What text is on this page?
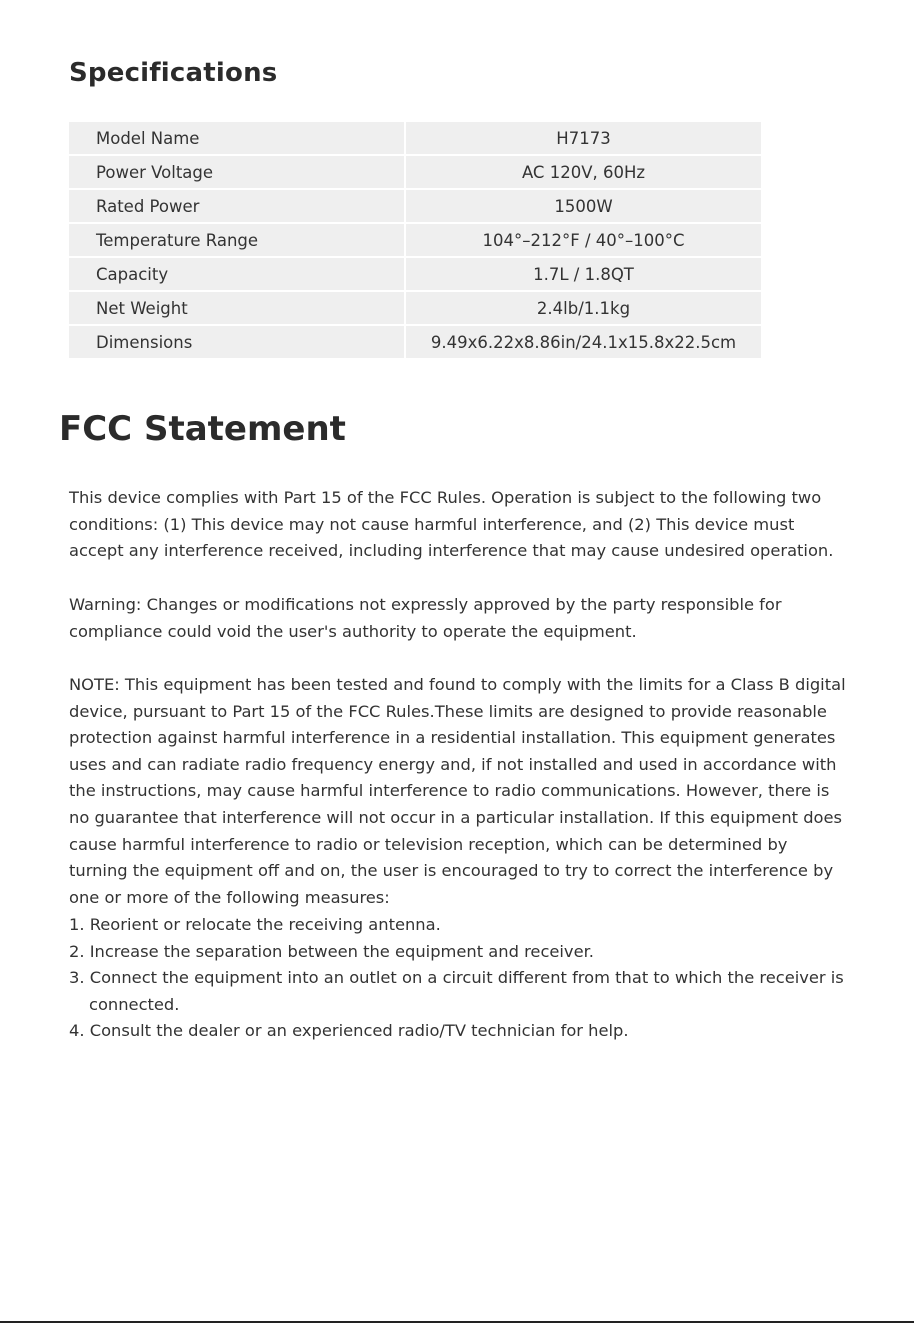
Specifications
Model Name	H7173
Power Voltage	AC 120V, 60Hz
Rated Power	1500W
Temperature Range	104°–212°F / 40°–100°C
Capacity	1.7L / 1.8QT
Net Weight	2.4lb/1.1kg
Dimensions	9.49x6.22x8.86in/24.1x15.8x22.5cm
FCC Statement

This device complies with Part 15 of the FCC Rules. Operation is subject to the following two conditions: (1) This device may not cause harmful interference, and (2) This device must accept any interference received, including interference that may cause undesired operation.

Warning: Changes or modifications not expressly approved by the party responsible for compliance could void the user's authority to operate the equipment.

NOTE: This equipment has been tested and found to comply with the limits for a Class B digital device, pursuant to Part 15 of the FCC Rules.These limits are designed to provide reasonable protection against harmful interference in a residential installation. This equipment generates uses and can radiate radio frequency energy and, if not installed and used in accordance with the instructions, may cause harmful interference to radio communications. However, there is no guarantee that interference will not occur in a particular installation. If this equipment does cause harmful interference to radio or television reception, which can be determined by turning the equipment off and on, the user is encouraged to try to correct the interference by one or more of the following measures:

1. Reorient or relocate the receiving antenna.
2. Increase the separation between the equipment and receiver.
3. Connect the equipment into an outlet on a circuit different from that to which the receiver is connected.
4. Consult the dealer or an experienced radio/TV technician for help.
